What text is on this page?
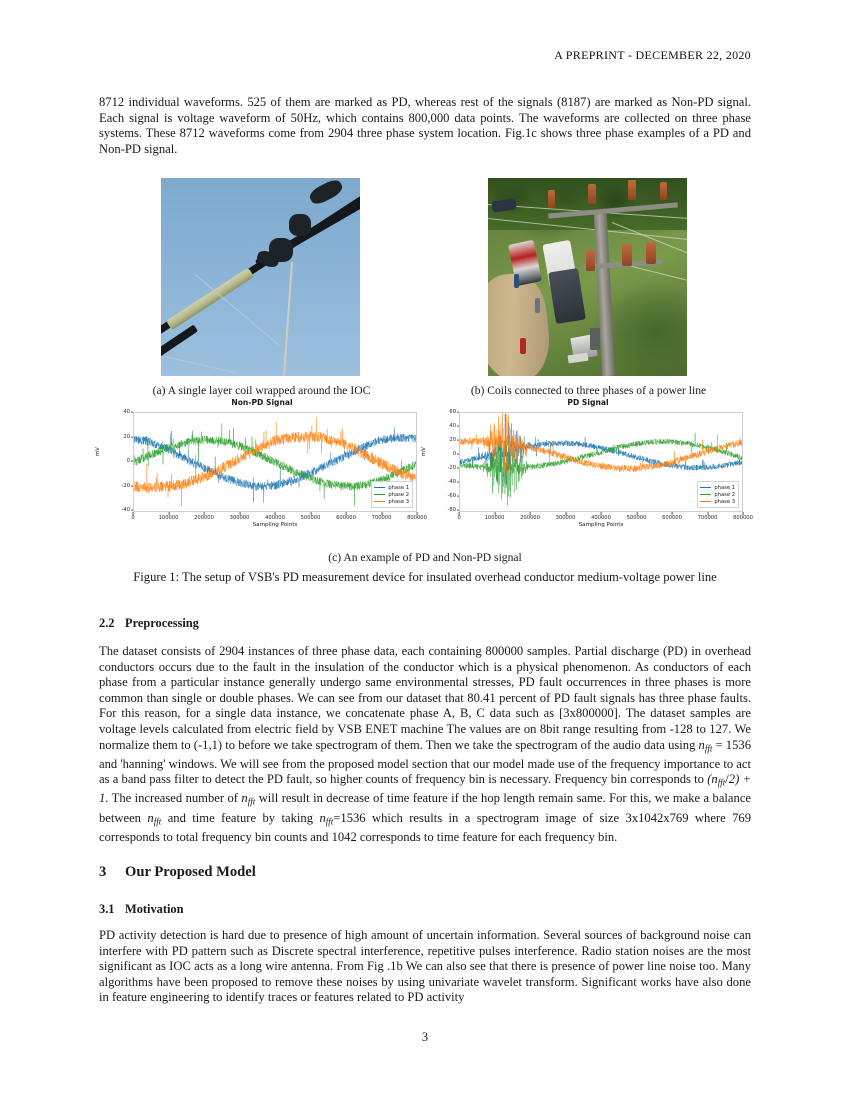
A PREPRINT - DECEMBER 22, 2020

8712 individual waveforms. 525 of them are marked as PD, whereas rest of the signals (8187) are marked as Non-PD signal. Each signal is voltage waveform of 50Hz, which contains 800,000 data points. The waveforms are collected on three phase systems. These 8712 waveforms come from 2904 three phase system location. Fig.1c shows three phase examples of a PD and Non-PD signal.

(a) A single layer coil wrapped around the IOC	(b) Coils connected to three phases of a power line
Non-PD Signal
mV
40
20
0
-20
-40
phase 1
phase 2
phase 3
0	100000	200000	300000	400000	500000	600000	700000	800000
Sampling Points
PD Signal
mV
60
40
20
0
-20
-40
-60
-80
phase 1
phase 2
phase 3
0	100000	200000	300000	400000	500000	600000	700000	800000
Sampling Points
(c) An example of PD and Non-PD signal
Figure 1: The setup of VSB's PD measurement device for insulated overhead conductor medium-voltage power line
2.2 Preprocessing

The dataset consists of 2904 instances of three phase data, each containing 800000 samples. Partial discharge (PD) in overhead conductors occurs due to the fault in the insulation of the conductor which is a physical phenomenon. As conductors of each phase from a particular instance generally undergo same environmental stresses, PD fault occurrences in three phases is more common than single or double phases. We can see from our dataset that 80.41 percent of PD fault signals has three phase faults. For this reason, for a single data instance, we concatenate phase A, B, C data such as [3x800000]. The dataset samples are voltage levels calculated from electric field by VSB ENET machine The values are on 8bit range resulting from -128 to 127. We normalize them to (-1,1) to before we take spectrogram of them. Then we take the spectrogram of the audio data using $n_{fft} = 1536$ and 'hanning' windows. We will see from the proposed model section that our model made use of the frequency importance to act as a band pass filter to detect the PD fault, so higher counts of frequency bin is necessary. Frequency bin corresponds to $(n_{fft}/2) + 1$. The increased number of $n_{fft}$ will result in decrease of time feature if the hop length remain same. For this, we make a balance between $n_{fft}$ and time feature by taking $n_{fft}=1536$ which results in a spectrogram image of size 3x1042x769 where 769 corresponds to total frequency bin counts and 1042 corresponds to time feature for each frequency bin.

3 Our Proposed Model
3.1 Motivation

PD activity detection is hard due to presence of high amount of uncertain information. Several sources of background noise can interfere with PD pattern such as Discrete spectral interference, repetitive pulses interference. Radio station noises are the most significant as IOC acts as a long wire antenna. From Fig .1b We can also see that there is presence of power line noise too. Many algorithms have been proposed to remove these noises by using univariate wavelet transform. Significant works have also done in feature engineering to identify traces or features related to PD activity

3
